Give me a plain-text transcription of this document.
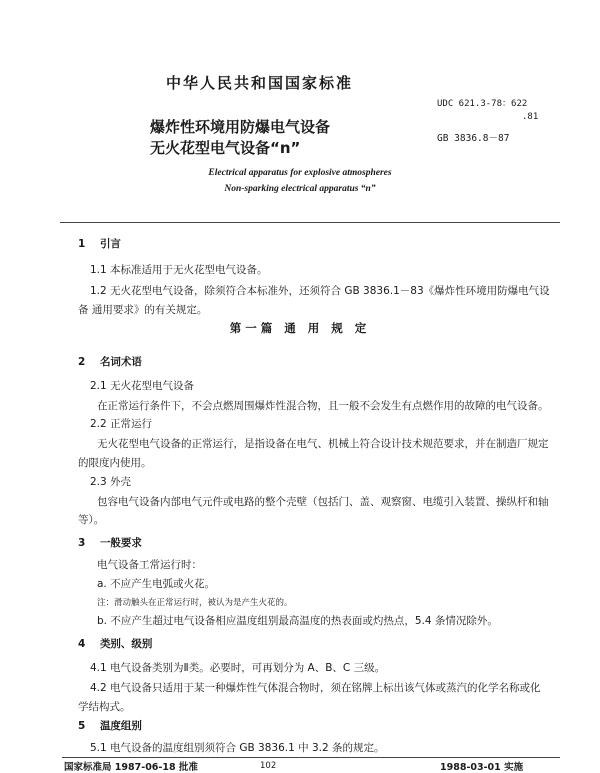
中华人民共和国国家标准
爆炸性环境用防爆电气设备
无火花型电气设备“n”
UDC 621.3-78：622
.81
GB 3836.8－87
Electrical apparatus for explosive atmospheres
Non-sparking electrical apparatus “n”
1 引言
1.1 本标准适用于无火花型电气设备。
1.2 无火花型电气设备，除须符合本标准外，还须符合 GB 3836.1－83《爆炸性环境用防爆电气设
备 通用要求》的有关规定。
第一篇 通 用 规 定
2 名词术语
2.1 无火花型电气设备
在正常运行条件下，不会点燃周围爆炸性混合物，且一般不会发生有点燃作用的故障的电气设备。
2.2 正常运行
无火花型电气设备的正常运行，是指设备在电气、机械上符合设计技术规范要求，并在制造厂规定
的限度内使用。
2.3 外壳
包容电气设备内部电气元件或电路的整个壳壁（包括门、盖、观察窗、电缆引入装置、操纵杆和轴
等）。
3 一般要求
电气设备工常运行时：
a. 不应产生电弧或火花。
注：滑动触头在正常运行时，被认为是产生火花的。
b. 不应产生超过电气设备相应温度组别最高温度的热表面或灼热点，5.4 条情况除外。
4 类别、级别
4.1 电气设备类别为Ⅱ类。必要时，可再划分为 A、B、C 三级。
4.2 电气设备只适用于某一种爆炸性气体混合物时，须在铭牌上标出该气体或蒸汽的化学名称或化
学结构式。
5 温度组别
5.1 电气设备的温度组别须符合 GB 3836.1 中 3.2 条的规定。
国家标准局 1987-06-18 批准	1988-03-01 实施
102
